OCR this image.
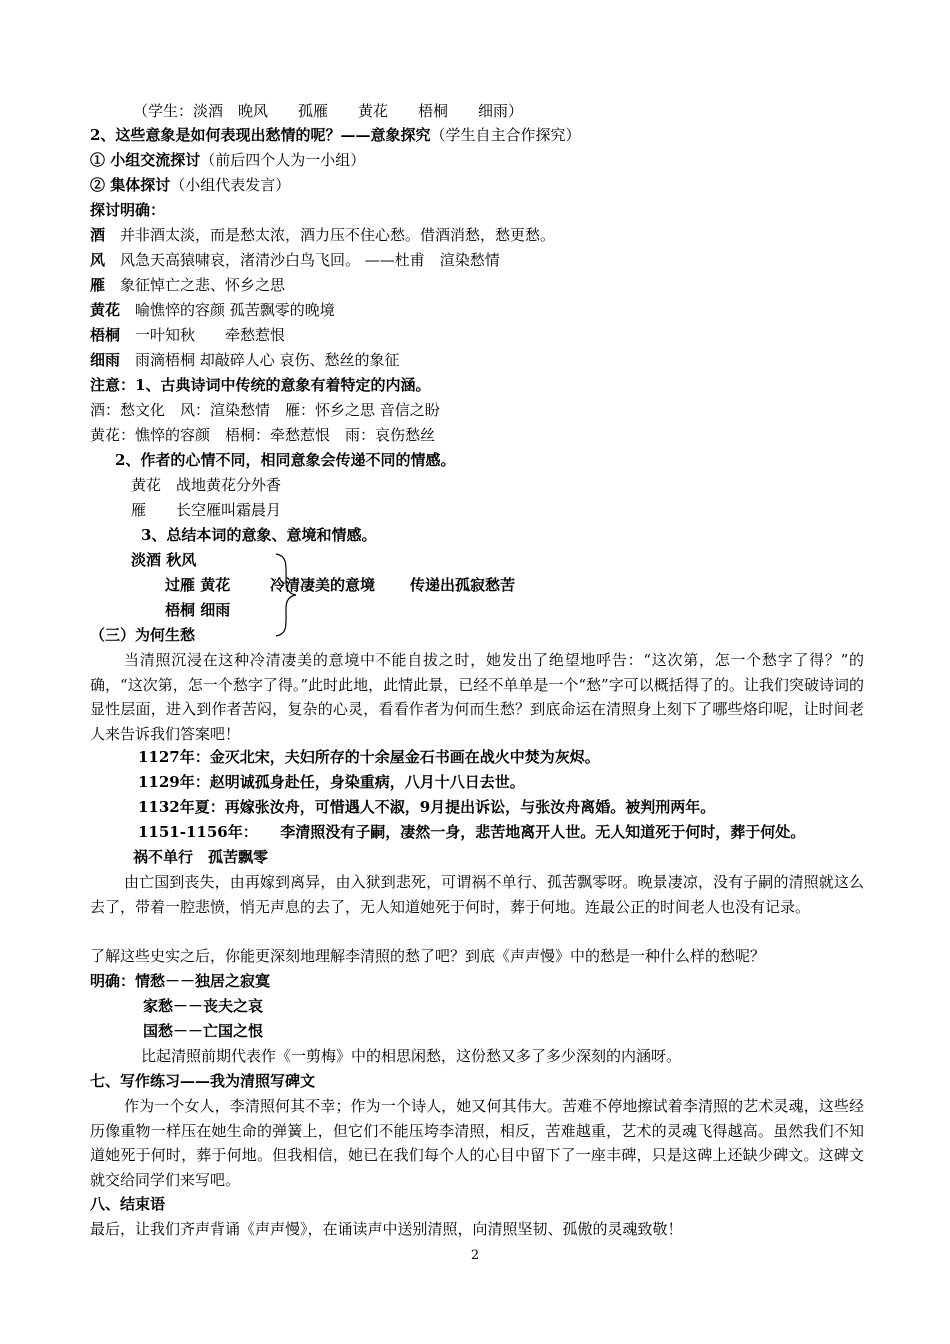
（学生：淡酒　晚风　　孤雁　　黄花　　梧桐　　细雨）
2、这些意象是如何表现出愁情的呢？——意象探究（学生自主合作探究）
① 小组交流探讨（前后四个人为一小组）
② 集体探讨（小组代表发言）
探讨明确：
酒　并非酒太淡，而是愁太浓，酒力压不住心愁。借酒消愁，愁更愁。
风　风急天高猿啸哀，渚清沙白鸟飞回。 ——杜甫　渲染愁情
雁　象征悼亡之悲、怀乡之思
黄花　喻憔悴的容颜 孤苦飘零的晚境
梧桐　一叶知秋　　牵愁惹恨
细雨　雨滴梧桐 却敲碎人心 哀伤、愁丝的象征
注意：1、古典诗词中传统的意象有着特定的内涵。
酒：愁文化　风：渲染愁情　雁：怀乡之思 音信之盼
黄花：憔悴的容颜　梧桐：牵愁惹恨　雨：哀伤愁丝
2、作者的心情不同，相同意象会传递不同的情感。
黄花　战地黄花分外香
雁　　长空雁叫霜晨月
3、总结本词的意象、意境和情感。
淡酒 秋风
过雁 黄花
梧桐 细雨
冷清凄美的意境 传递出孤寂愁苦
（三）为何生愁
当清照沉浸在这种冷清凄美的意境中不能自拔之时，她发出了绝望地呼告：“这次第，怎一个愁字了得？”的确，“这次第，怎一个愁字了得。”此时此地，此情此景，已经不单单是一个“愁”字可以概括得了的。让我们突破诗词的显性层面，进入到作者苦闷，复杂的心灵，看看作者为何而生愁？到底命运在清照身上刻下了哪些烙印呢，让时间老人来告诉我们答案吧！
1127年：金灭北宋，夫妇所存的十余屋金石书画在战火中焚为灰烬。
1129年：赵明诚孤身赴任，身染重病，八月十八日去世。
1132年夏：再嫁张汝舟，可惜遇人不淑，9月提出诉讼，与张汝舟离婚。被判刑两年。
1151-1156年：　　李清照没有子嗣，凄然一身，悲苦地离开人世。无人知道死于何时，葬于何处。
祸不单行　孤苦飘零
由亡国到丧失，由再嫁到离异，由入狱到悲死，可谓祸不单行、孤苦飘零呀。晚景凄凉，没有子嗣的清照就这么去了，带着一腔悲愤，悄无声息的去了，无人知道她死于何时，葬于何地。连最公正的时间老人也没有记录。
了解这些史实之后，你能更深刻地理解李清照的愁了吧？到底《声声慢》中的愁是一种什么样的愁呢？
明确：情愁－－独居之寂寞
家愁－－丧夫之哀
国愁－－亡国之恨
比起清照前期代表作《一剪梅》中的相思闲愁，这份愁又多了多少深刻的内涵呀。
七、写作练习——我为清照写碑文
作为一个女人，李清照何其不幸；作为一个诗人，她又何其伟大。苦难不停地擦试着李清照的艺术灵魂，这些经历像重物一样压在她生命的弹簧上，但它们不能压垮李清照，相反，苦难越重，艺术的灵魂飞得越高。虽然我们不知道她死于何时，葬于何地。但我相信，她已在我们每个人的心目中留下了一座丰碑，只是这碑上还缺少碑文。这碑文就交给同学们来写吧。
八、结束语
最后，让我们齐声背诵《声声慢》，在诵读声中送别清照，向清照坚韧、孤傲的灵魂致敬！
2
